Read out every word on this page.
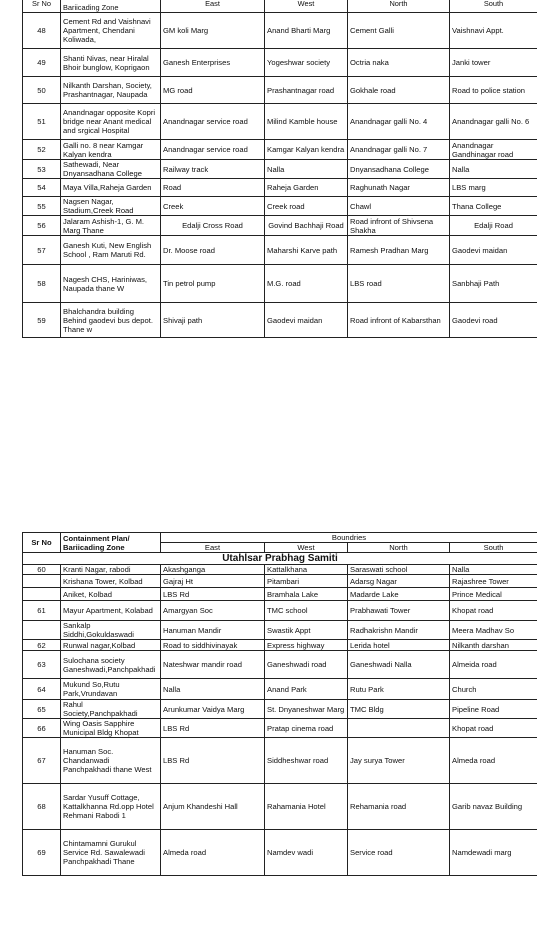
Sr No	Bariicading Zone	East	West	North	South
48	Cement Rd and Vaishnavi Apartment, Chendani Koliwada,	GM koli Marg	Anand Bharti Marg	Cement Galli	Vaishnavi Appt.
49	Shanti Nivas, near Hiralal Bhoir bunglow, Koprigaon	Ganesh Enterprises	Yogeshwar society	Octria naka	Janki tower
50	Nilkanth Darshan, Society, Prashantnagar, Naupada	MG road	Prashantnagar road	Gokhale road	Road to police station
51	Anandnagar opposite Kopri bridge near Anant medical and srgical Hospital	Anandnagar service road	Milind Kamble house	Anandnagar galli No. 4	Anandnagar galli No. 6
52	Galli no. 8 near Kamgar Kalyan kendra	Anandnagar service road	Kamgar Kalyan kendra	Anandnagar galli No. 7	Anandnagar Gandhinagar road
53	Sathewadi, Near Dnyansadhana College	Railway track	Nalla	Dnyansadhana College	Nalla
54	Maya Villa,Raheja Garden	Road	Raheja Garden	Raghunath Nagar	LBS marg
55	Nagsen Nagar, Stadium,Creek Road	Creek	Creek road	Chawl	Thana College
56	Jalaram Ashish-1, G. M. Marg Thane	Edalji Cross Road	Govind Bachhaji Road	Road infront of Shivsena Shakha	Edalji Road
57	Ganesh Kuti, New English School , Ram Maruti Rd.	Dr. Moose road	Maharshi Karve path	Ramesh Pradhan Marg	Gaodevi maidan
58	Nagesh CHS, Hariniwas, Naupada thane W	Tin petrol pump	M.G. road	LBS road	Sanbhaji Path
59	Bhalchandra building Behind gaodevi bus depot. Thane w	Shivaji path	Gaodevi maidan	Road infront of Kabarsthan	Gaodevi road
Sr No	Containment Plan/ Bariicading Zone	Boundries			
		East	West	North	South
Utahlsar Prabhag Samiti					
60	Kranti Nagar, rabodi	Akashganga	Kattalkhana	Saraswati school	Nalla
	Krishana Tower, Kolbad	Gajraj Ht	Pitambari	Adarsg Nagar	Rajashree Tower
	Aniket, Kolbad	LBS Rd	Bramhala Lake	Madarde Lake	Prince Medical
61	Mayur Apartment, Kolabad	Amargyan Soc	TMC school	Prabhawati Tower	Khopat road
	Sankalp Siddhi,Gokuldaswadi	Hanuman Mandir	Swastik Appt	Radhakrishn Mandir	Meera Madhav So
62	Runwal nagar,Kolbad	Road to siddhivinayak	Express highway	Lerida hotel	Nilkanth darshan
63	Sulochana society Ganeshwadi,Panchpakhadi	Nateshwar mandir road	Ganeshwadi road	Ganeshwadi Nalla	Almeida road
64	Mukund So,Rutu Park,Vrundavan	Nalla	Anand Park	Rutu Park	Church
65	Rahul Society,Panchpakhadi	Arunkumar Vaidya Marg	St. Dnyaneshwar Marg	TMC Bldg	Pipeline Road
66	Wing Oasis Sapphire Municipal Bldg Khopat	LBS Rd	Pratap cinema road		Khopat road
67	Hanuman Soc. Chandanwadi Panchpakhadi thane West	LBS Rd	Siddheshwar road	Jay surya Tower	Almeda road
68	Sardar Yusuff Cottage, Kattalkhanna Rd.opp Hotel Rehmani Rabodi 1	Anjum Khandeshi Hall	Rahamania Hotel	Rehamania road	Garib navaz Building
69	Chintamamni Gurukul Service Rd. Sawalewadi Panchpakhadi Thane	Almeda road	Namdev wadi	Service road	Namdewadi marg
